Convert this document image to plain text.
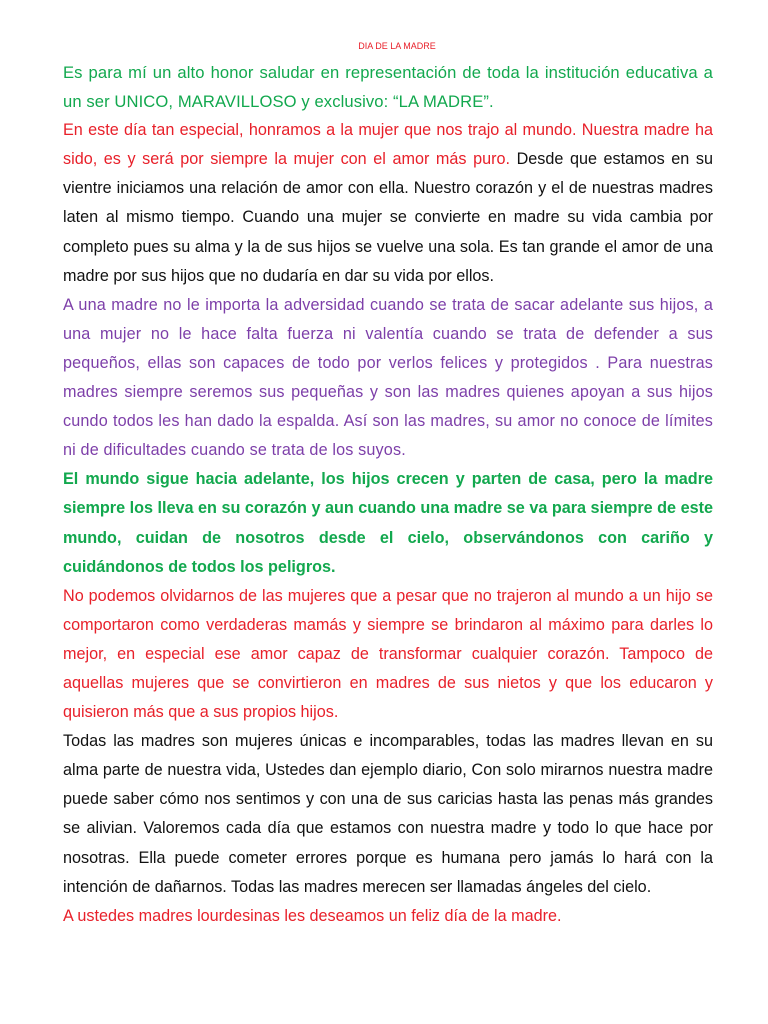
DIA DE LA MADRE

Es para mí un alto honor saludar en representación de toda la institución educativa a un ser UNICO, MARAVILLOSO y exclusivo: “LA MADRE”.

En este día tan especial, honramos a la mujer que nos trajo al mundo. Nuestra madre ha sido, es y será por siempre la mujer con el amor más puro. Desde que estamos en su vientre iniciamos una relación de amor con ella. Nuestro corazón y el de nuestras madres laten al mismo tiempo. Cuando una mujer se convierte en madre su vida cambia por completo pues su alma y la de sus hijos se vuelve una sola. Es tan grande el amor de una madre por sus hijos que no dudaría en dar su vida por ellos.

A una madre no le importa la adversidad cuando se trata de sacar adelante sus hijos, a una mujer no le hace falta fuerza ni valentía cuando se trata de defender a sus pequeños, ellas son capaces de todo por verlos felices y protegidos . Para nuestras madres siempre seremos sus pequeñas y son las madres quienes apoyan a sus hijos cundo todos les han dado la espalda. Así son las madres, su amor no conoce de límites ni de dificultades cuando se trata de los suyos.

El mundo sigue hacia adelante, los hijos crecen y parten de casa, pero la madre siempre los lleva en su corazón y aun cuando una madre se va para siempre de este mundo, cuidan de nosotros desde el cielo, observándonos con cariño y cuidándonos de todos los peligros.

No podemos olvidarnos de las mujeres que a pesar que no trajeron al mundo a un hijo se comportaron como verdaderas mamás y siempre se brindaron al máximo para darles lo mejor, en especial ese amor capaz de transformar cualquier corazón. Tampoco de aquellas mujeres que se convirtieron en madres de sus nietos y que los educaron y quisieron más que a sus propios hijos.

Todas las madres son mujeres únicas e incomparables, todas las madres llevan en su alma parte de nuestra vida, Ustedes dan ejemplo diario, Con solo mirarnos nuestra madre puede saber cómo nos sentimos y con una de sus caricias hasta las penas más grandes se alivian. Valoremos cada día que estamos con nuestra madre y todo lo que hace por nosotras. Ella puede cometer errores porque es humana pero jamás lo hará con la intención de dañarnos. Todas las madres merecen ser llamadas ángeles del cielo.

A ustedes madres lourdesinas les deseamos un feliz día de la madre.
